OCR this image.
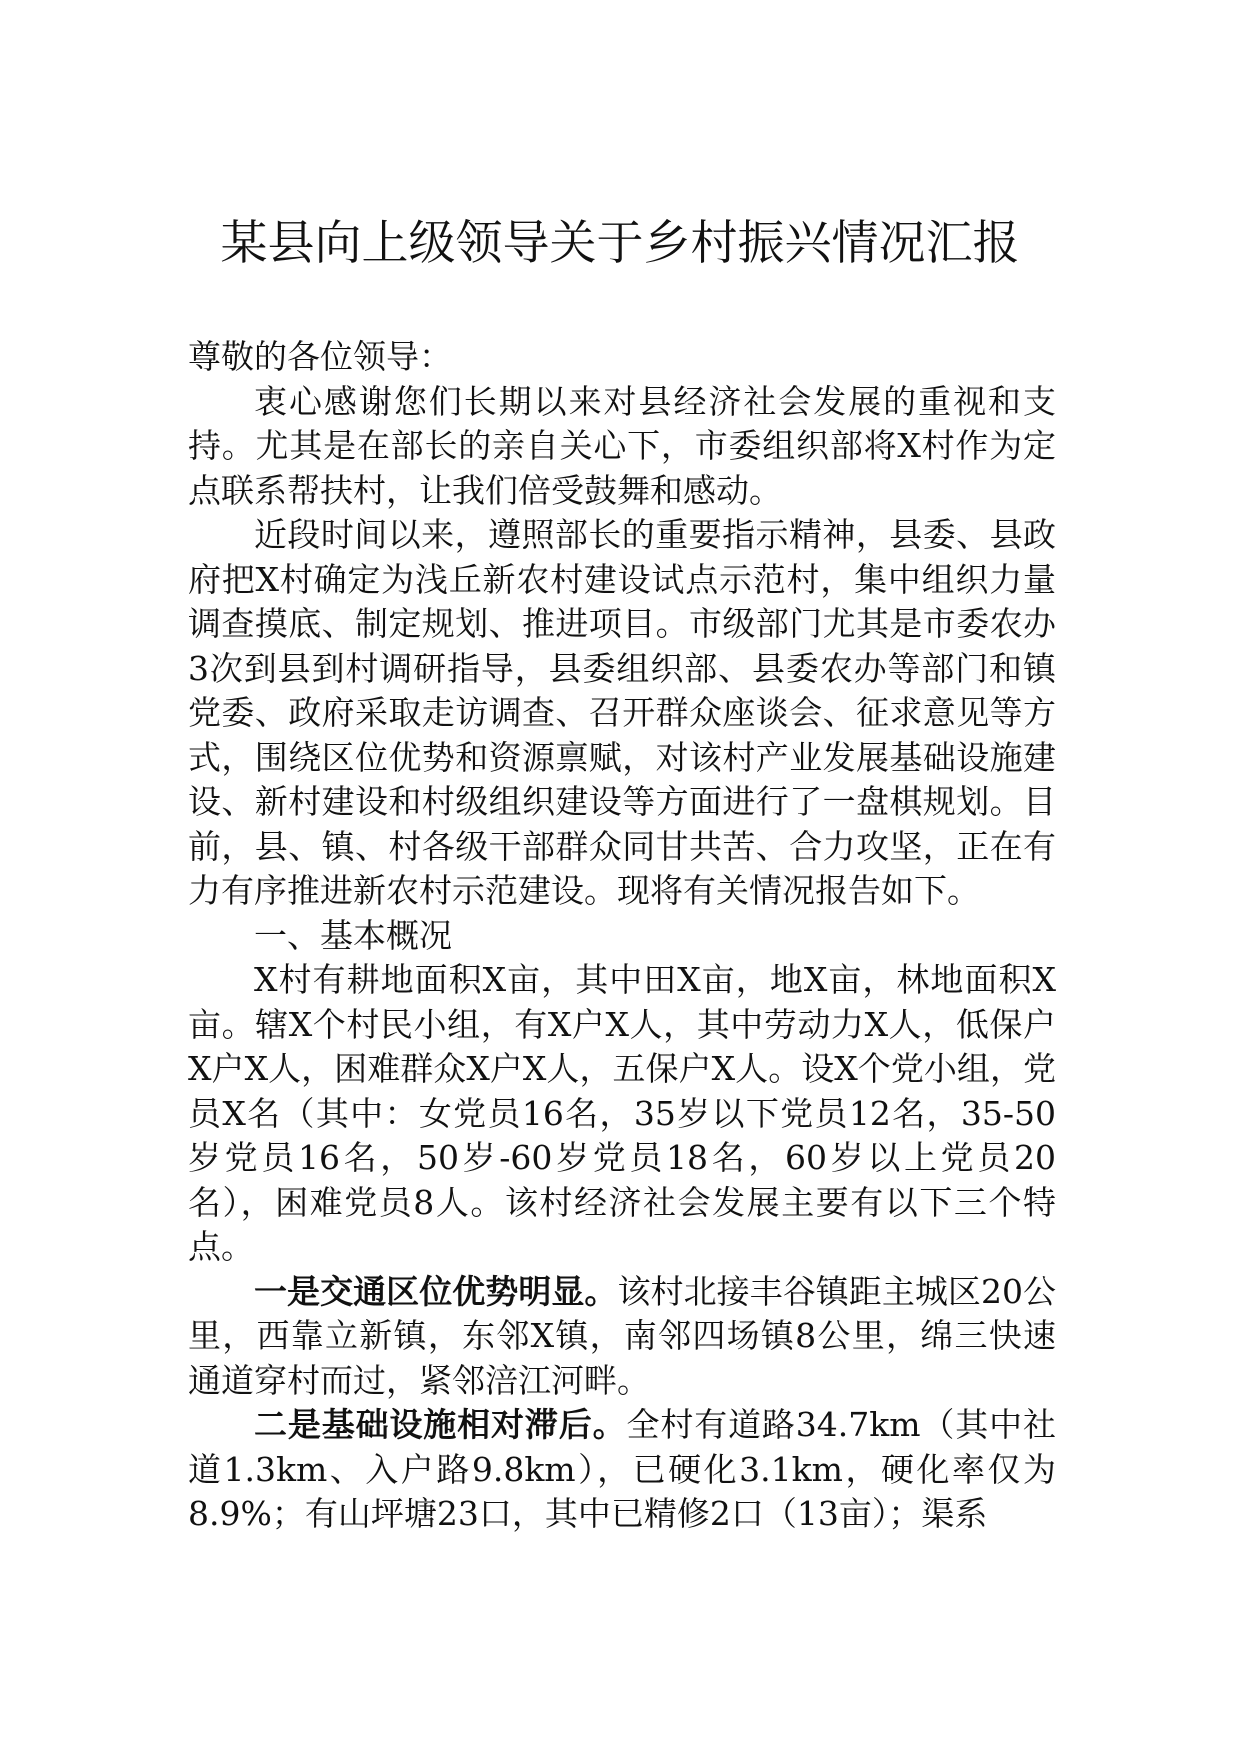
某县向上级领导关于乡村振兴情况汇报

尊敬的各位领导：

衷心感谢您们长期以来对县经济社会发展的重视和支持。尤其是在部长的亲自关心下，市委组织部将X村作为定点联系帮扶村，让我们倍受鼓舞和感动。

近段时间以来，遵照部长的重要指示精神，县委、县政府把X村确定为浅丘新农村建设试点示范村，集中组织力量调查摸底、制定规划、推进项目。市级部门尤其是市委农办3次到县到村调研指导，县委组织部、县委农办等部门和镇党委、政府采取走访调查、召开群众座谈会、征求意见等方式，围绕区位优势和资源禀赋，对该村产业发展基础设施建设、新村建设和村级组织建设等方面进行了一盘棋规划。目前，县、镇、村各级干部群众同甘共苦、合力攻坚，正在有力有序推进新农村示范建设。现将有关情况报告如下。

一、基本概况

X村有耕地面积X亩，其中田X亩，地X亩，林地面积X亩。辖X个村民小组，有X户X人，其中劳动力X人，低保户X户X人，困难群众X户X人，五保户X人。设X个党小组，党员X名（其中：女党员16名，35岁以下党员12名，35-50岁党员16名，50岁-60岁党员18名，60岁以上党员20名），困难党员8人。该村经济社会发展主要有以下三个特点。

一是交通区位优势明显。该村北接丰谷镇距主城区20公里，西靠立新镇，东邻X镇，南邻四场镇8公里，绵三快速通道穿村而过，紧邻涪江河畔。

二是基础设施相对滞后。全村有道路34.7km（其中社道1.3km、入户路9.8km），已硬化3.1km，硬化率仅为8.9%；有山坪塘23口，其中已精修2口（13亩）；渠系
